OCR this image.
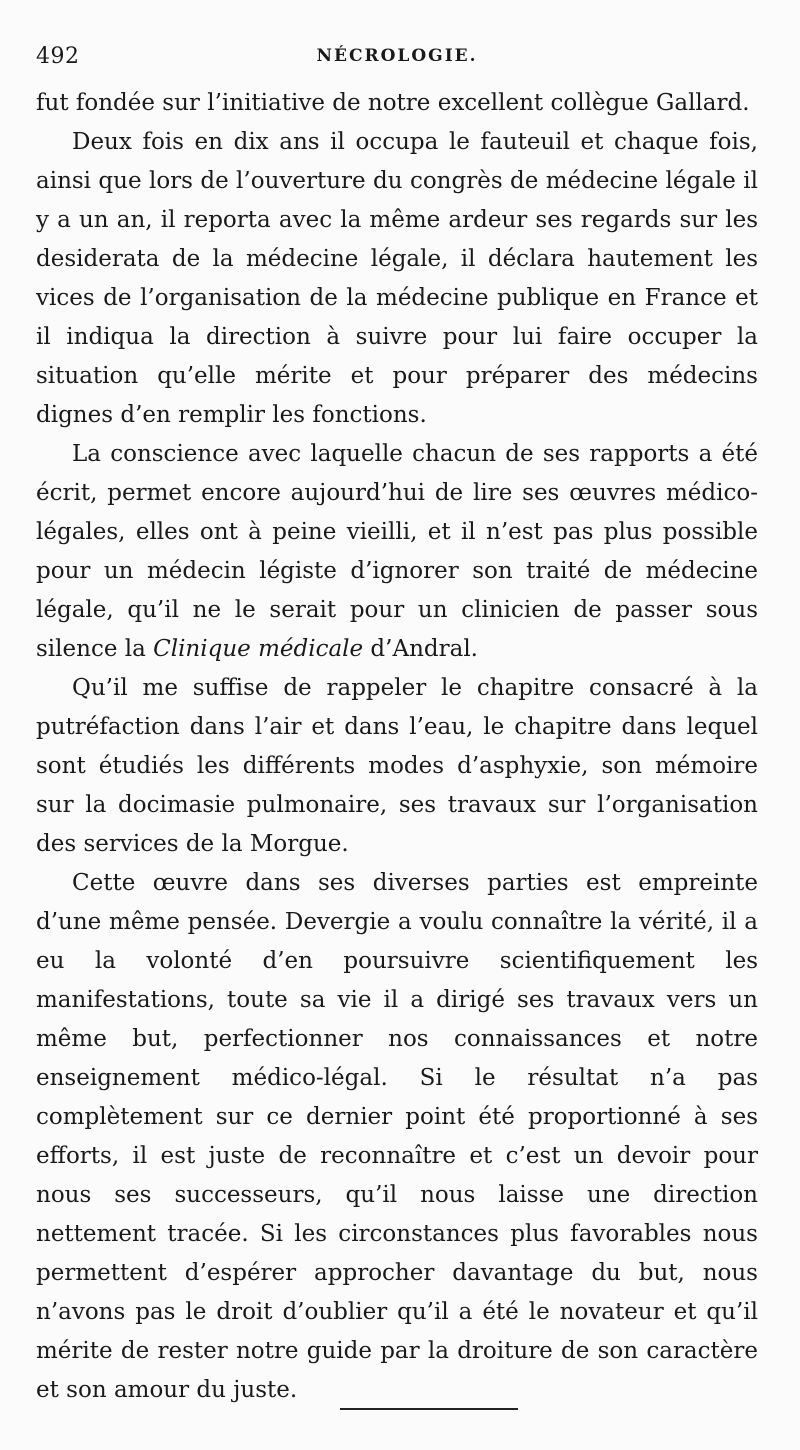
492	NÉCROLOGIE.

fut fondée sur l’initiative de notre excellent collègue Gallard.

Deux fois en dix ans il occupa le fauteuil et chaque fois, ainsi que lors de l’ouverture du congrès de médecine légale il y a un an, il reporta avec la même ardeur ses regards sur les desiderata de la médecine légale, il déclara hautement les vices de l’organisation de la médecine publique en France et il indiqua la direction à suivre pour lui faire occuper la situation qu’elle mérite et pour préparer des médecins dignes d’en remplir les fonctions.

La conscience avec laquelle chacun de ses rapports a été écrit, permet encore aujourd’hui de lire ses œuvres médico-légales, elles ont à peine vieilli, et il n’est pas plus possible pour un médecin légiste d’ignorer son traité de médecine légale, qu’il ne le serait pour un clinicien de passer sous silence la Clinique médicale d’Andral.

Qu’il me suffise de rappeler le chapitre consacré à la putréfaction dans l’air et dans l’eau, le chapitre dans lequel sont étudiés les différents modes d’asphyxie, son mémoire sur la docimasie pulmonaire, ses travaux sur l’organisation des services de la Morgue.

Cette œuvre dans ses diverses parties est empreinte d’une même pensée. Devergie a voulu connaître la vérité, il a eu la volonté d’en poursuivre scientifiquement les manifestations, toute sa vie il a dirigé ses travaux vers un même but, perfectionner nos connaissances et notre enseignement médico-légal. Si le résultat n’a pas complètement sur ce dernier point été proportionné à ses efforts, il est juste de reconnaître et c’est un devoir pour nous ses successeurs, qu’il nous laisse une direction nettement tracée. Si les circonstances plus favorables nous permettent d’espérer approcher davantage du but, nous n’avons pas le droit d’oublier qu’il a été le novateur et qu’il mérite de rester notre guide par la droiture de son caractère et son amour du juste.
